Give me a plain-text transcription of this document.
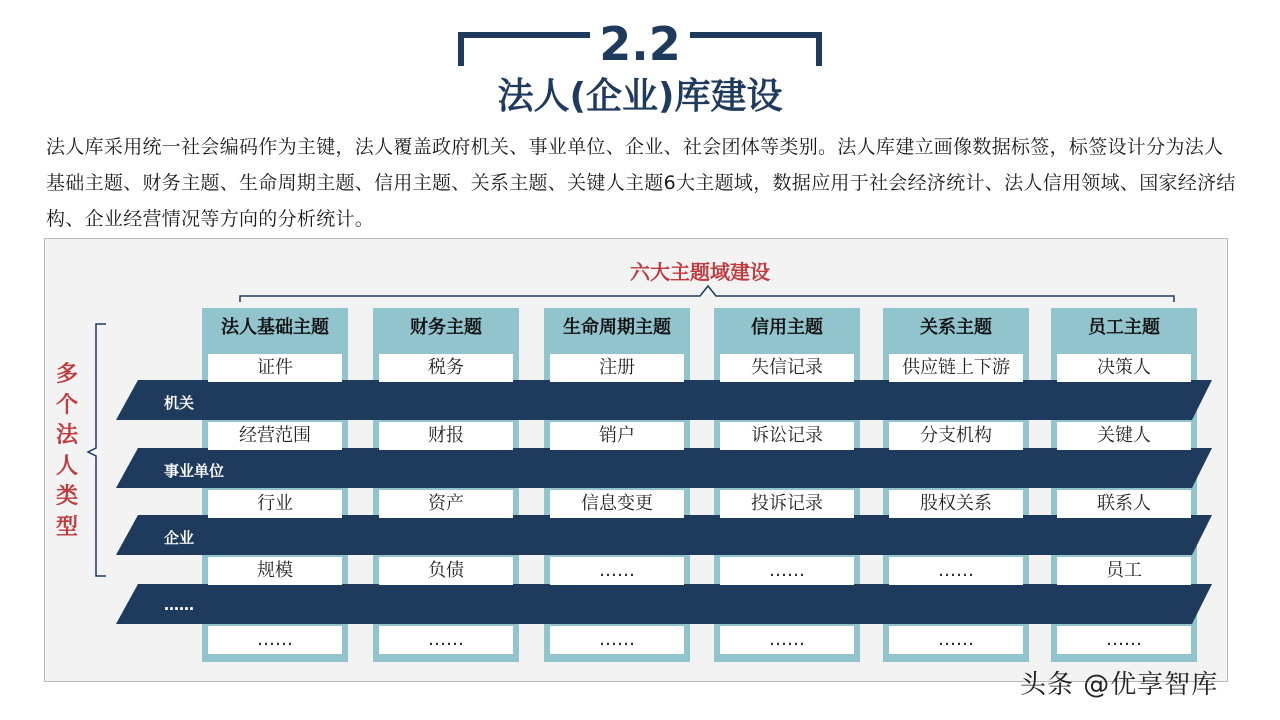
2.2
法人(企业)库建设
法人库采用统一社会编码作为主键，法人覆盖政府机关、事业单位、企业、社会团体等类别。法人库建立画像数据标签，标签设计分为法人基础主题、财务主题、生命周期主题、信用主题、关系主题、关键人主题6大主题域，数据应用于社会经济统计、法人信用领域、国家经济结构、企业经营情况等方向的分析统计。
六大主题域建设
多个法人类型
法人基础主题
证件
经营范围
行业
规模
……
财务主题
税务
财报
资产
负债
……
生命周期主题
注册
销户
信息变更
……
……
信用主题
失信记录
诉讼记录
投诉记录
……
……
关系主题
供应链上下游
分支机构
股权关系
……
……
员工主题
决策人
关键人
联系人
员工
……
机关
事业单位
企业
……
头条 @优享智库
